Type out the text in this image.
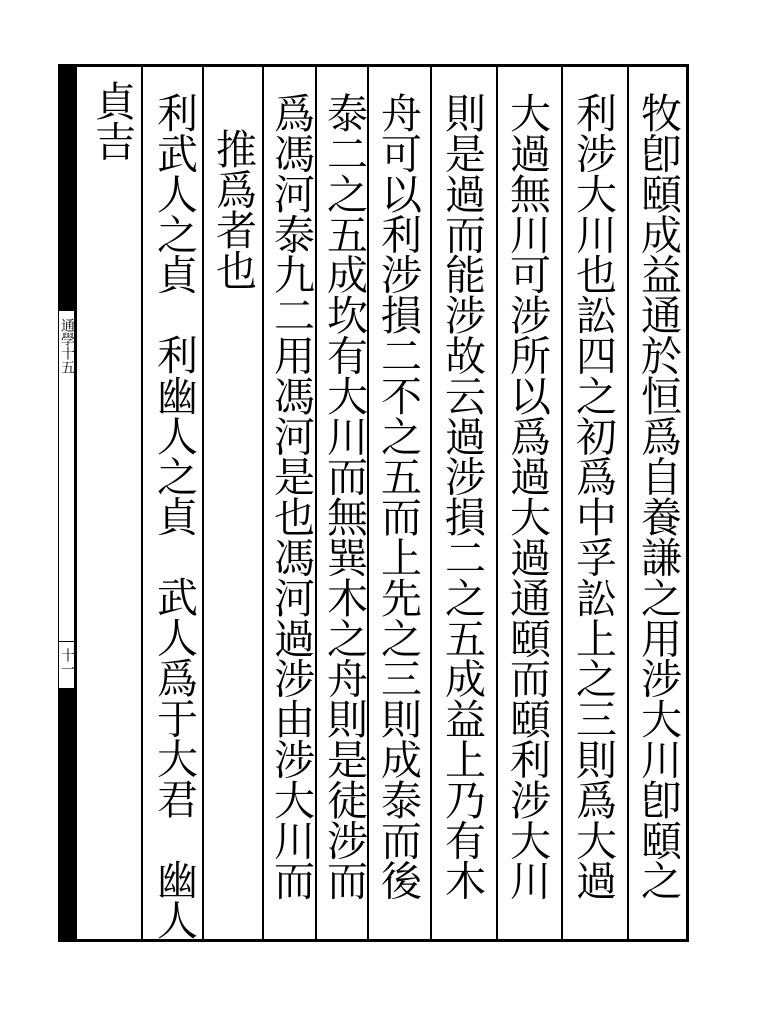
通學十五
十一	牧卽頤成益通於恒爲自養謙之用涉大川卽頤之
利涉大川也訟四之初爲中孚訟上之三則爲大過
大過無川可涉所以爲過大過通頤而頤利涉大川
則是過而能涉故云過涉損二之五成益上乃有木
舟可以利涉損二不之五而上先之三則成泰而後
泰二之五成坎有大川而無巽木之舟則是徒涉而
爲馮河泰九二用馮河是也馮河過涉由涉大川而
推爲者也
利武人之貞利幽人之貞武人爲于大君幽人
貞吉
